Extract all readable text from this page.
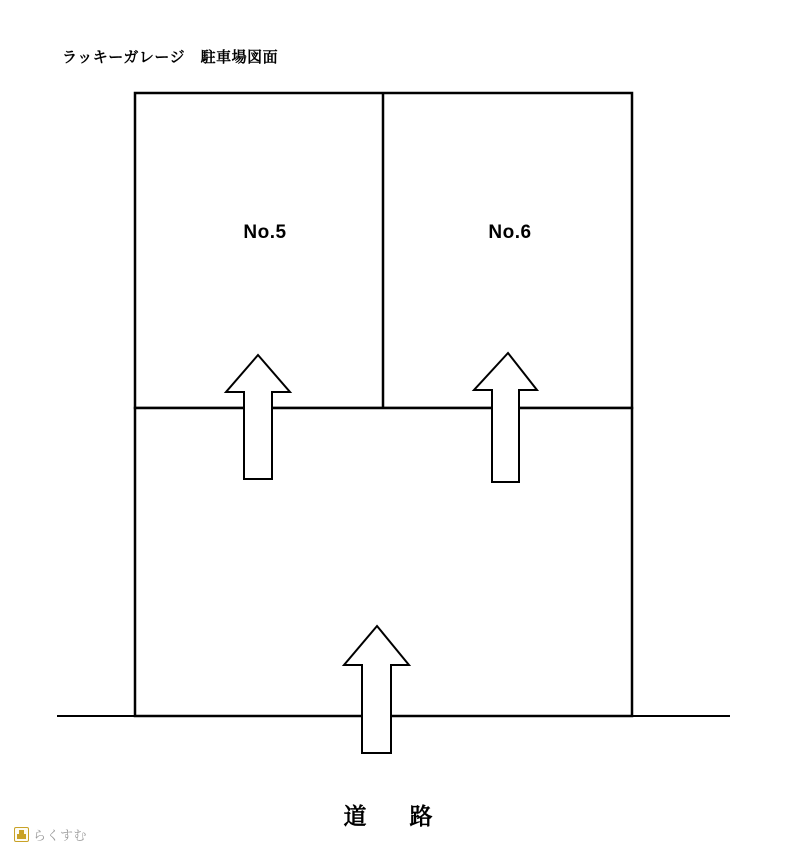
ラッキーガレージ　駐車場図面
No.5	No.6
道　路
らくすむ
